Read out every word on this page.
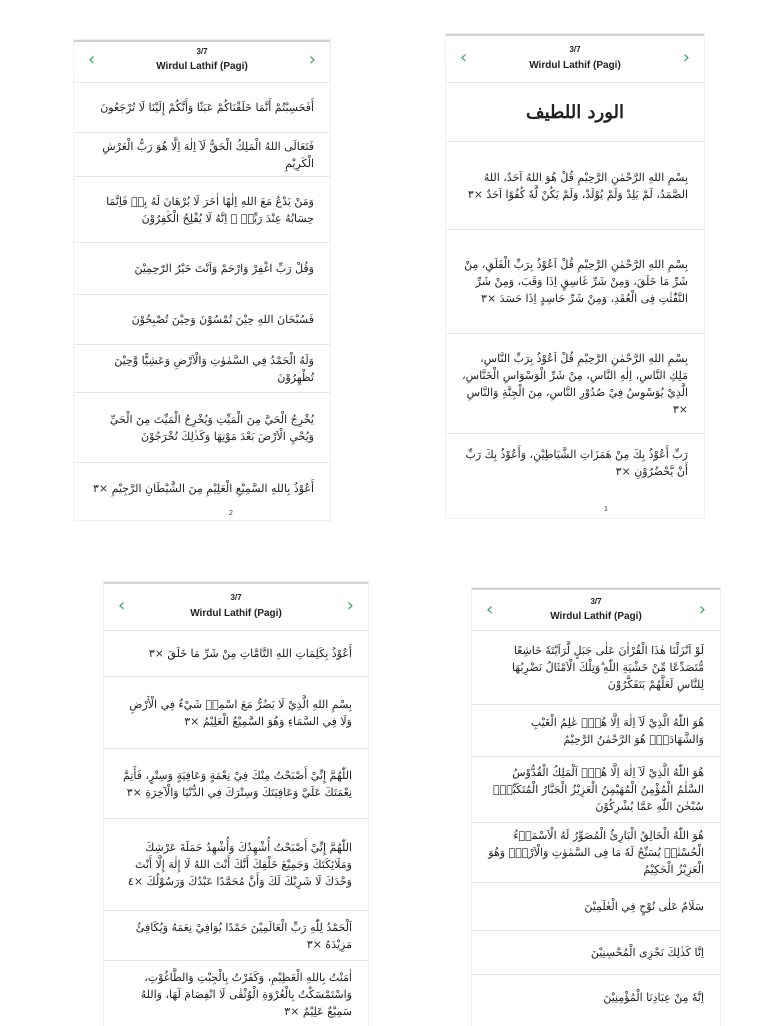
‹	3/7
Wirdul Lathif (Pagi)	›
أَفَحَسِبْتُمْ أَنَّمَا خَلَقْنَاكُمْ عَبَثًا وَأَنَّكُمْ إِلَيْنَا لَا تُرْجَعُونَ
فَتَعَالَى اللهُ الْمَلِكُ الْحَقُّ لَآ اِلٰهَ اِلَّا هُوَ رَبُّ الْعَرْشِ الْكَرِيْمِ
وَمَنْ يَدْعُ مَعَ اللهِ اِلٰهًا اٰخَرَ لَا بُرْهَانَ لَهُ بِهٖ فَاِنَّمَا حِسَابُهُ عِنْدَ رَبِّهٖ ۗ اِنَّهُ لَا يُفْلِحُ الْكٰفِرُوْنَ
وَقُلْ رَبِّ اغْفِرْ وَارْحَمْ وَاَنْتَ خَيْرُ الرّٰحِمِيْنَ
فَسُبْحَانَ اللهِ حِيْنَ تُمْسُوْنَ وَحِيْنَ تُصْبِحُوْنَ
وَلَهُ الْحَمْدُ فِي السَّمٰوٰتِ وَالْاَرْضِ وَعَشِيًّا وَّحِيْنَ تُظْهِرُوْنَ
يُخْرِجُ الْحَيَّ مِنَ الْمَيِّتِ وَيُخْرِجُ الْمَيِّتَ مِنَ الْحَيِّ وَيُحْيِ الْاَرْضَ بَعْدَ مَوْتِهَا وَكَذٰلِكَ تُخْرَجُوْنَ
أَعُوْذُ بِاللهِ السَّمِيْعِ الْعَلِيْمِ مِنَ الشَّيْطَانِ الرَّجِيْمِ ×٣
2
‹	3/7
Wirdul Lathif (Pagi)	›
الورد اللطيف
بِسْمِ اللهِ الرَّحْمٰنِ الرَّحِيْمِ قُلْ هُوَ اللهُ اَحَدٌ، اللهُ الصَّمَدُ، لَمْ يَلِدْ وَلَمْ يُوْلَدْ، وَلَمْ يَكُنْ لَّهٗ كُفُوًا اَحَدٌ ×٣
بِسْمِ اللهِ الرَّحْمٰنِ الرَّحِيْمِ قُلْ اَعُوْذُ بِرَبِّ الْفَلَقِ، مِنْ شَرِّ مَا خَلَقَ، وَمِنْ شَرِّ غَاسِقٍ اِذَا وَقَبَ، وَمِنْ شَرِّ النَّفّٰثٰتِ فِى الْعُقَدِ، وَمِنْ شَرِّ حَاسِدٍ اِذَا حَسَدَ ×٣
بِسْمِ اللهِ الرَّحْمٰنِ الرَّحِيْمِ قُلْ اَعُوْذُ بِرَبِّ النَّاسِ، مَلِكِ النَّاسِ، اِلٰهِ النَّاسِ، مِنْ شَرِّ الْوَسْوَاسِ الْخَنَّاسِ، الَّذِيْ يُوَسْوِسُ فِيْ صُدُوْرِ النَّاسِ، مِنَ الْجِنَّةِ وَالنَّاسِ ×٣
رَبِّ أَعُوْذُ بِكَ مِنْ هَمَزَاتِ الشَّيَاطِيْنِ، وَأَعُوْذُ بِكَ رَبِّ أَنْ يَّحْضُرُوْنِ ×٣
1
‹	3/7
Wirdul Lathif (Pagi)	›
أَعُوْذُ بِكَلِمَاتِ اللهِ التَّامَّاتِ مِنْ شَرِّ مَا خَلَقَ ×٣
بِسْمِ اللهِ الَّذِيْ لَا يَضُرُّ مَعَ اسْمِهٖ شَيْءٌ فِي الْأَرْضِ وَلَا فِي السَّمَاءِ وَهُوَ السَّمِيْعُ الْعَلِيْمُ ×٣
اللّٰهُمَّ إِنِّيْ أَصْبَحْتُ مِنْكَ فِيْ نِعْمَةٍ وَعَافِيَةٍ وَسِتْرٍ، فَأَتِمَّ نِعْمَتَكَ عَلَيَّ وَعَافِيَتَكَ وَسِتْرَكَ فِي الدُّنْيَا وَالْآخِرَةِ ×٣
اللّٰهُمَّ إِنِّيْ أَصْبَحْتُ أُشْهِدُكَ وَأُشْهِدُ حَمَلَةَ عَرْشِكَ وَمَلَائِكَتَكَ وَجَمِيْعَ خَلْقِكَ أَنَّكَ أَنْتَ اللهُ لَا إِلٰهَ إِلَّا أَنْتَ وَحْدَكَ لَا شَرِيْكَ لَكَ وَأَنَّ مُحَمَّدًا عَبْدُكَ وَرَسُوْلُكَ ×٤
اَلْحَمْدُ لِلّٰهِ رَبِّ الْعَالَمِيْنَ حَمْدًا يُوَافِيْ نِعَمَهُ وَيُكَافِئُ مَزِيْدَهُ ×٣
اٰمَنْتُ بِاللهِ الْعَظِيْمِ، وَكَفَرْتُ بِالْجِبْتِ وَالطَّاغُوْتِ، وَاسْتَمْسَكْتُ بِالْعُرْوَةِ الْوُثْقٰى لَا انْفِصَامَ لَهَا، وَاللهُ سَمِيْعٌ عَلِيْمٌ ×٣
‹	3/7
Wirdul Lathif (Pagi)	›
لَوْ اَنْزَلْنَا هٰذَا الْقُرْاٰنَ عَلٰى جَبَلٍ لَّرَاَيْتَهٗ خَاشِعًا مُّتَصَدِّعًا مِّنْ خَشْيَةِ اللّٰهِ ۗوَتِلْكَ الْاَمْثَالُ نَضْرِبُهَا لِلنَّاسِ لَعَلَّهُمْ يَتَفَكَّرُوْنَ
هُوَ اللّٰهُ الَّذِيْ لَآ اِلٰهَ اِلَّا هُوَۚ عٰلِمُ الْغَيْبِ وَالشَّهَادَةِۚ هُوَ الرَّحْمٰنُ الرَّحِيْمُ
هُوَ اللّٰهُ الَّذِيْ لَآ اِلٰهَ اِلَّا هُوَۚ اَلْمَلِكُ الْقُدُّوْسُ السَّلٰمُ الْمُؤْمِنُ الْمُهَيْمِنُ الْعَزِيْزُ الْجَبَّارُ الْمُتَكَبِّرُۗ سُبْحٰنَ اللّٰهِ عَمَّا يُشْرِكُوْنَ
هُوَ اللّٰهُ الْخَالِقُ الْبَارِئُ الْمُصَوِّرُ لَهُ الْاَسْمَاۤءُ الْحُسْنٰىۗ يُسَبِّحُ لَهٗ مَا فِى السَّمٰوٰتِ وَالْاَرْضِۚ وَهُوَ الْعَزِيْزُ الْحَكِيْمُ
سَلَامٌ عَلٰى نُوْحٍ فِي الْعٰلَمِيْنَ
اِنَّا كَذٰلِكَ نَجْزِى الْمُحْسِنِيْنَ
اِنَّهٗ مِنْ عِبَادِنَا الْمُؤْمِنِيْنَ
